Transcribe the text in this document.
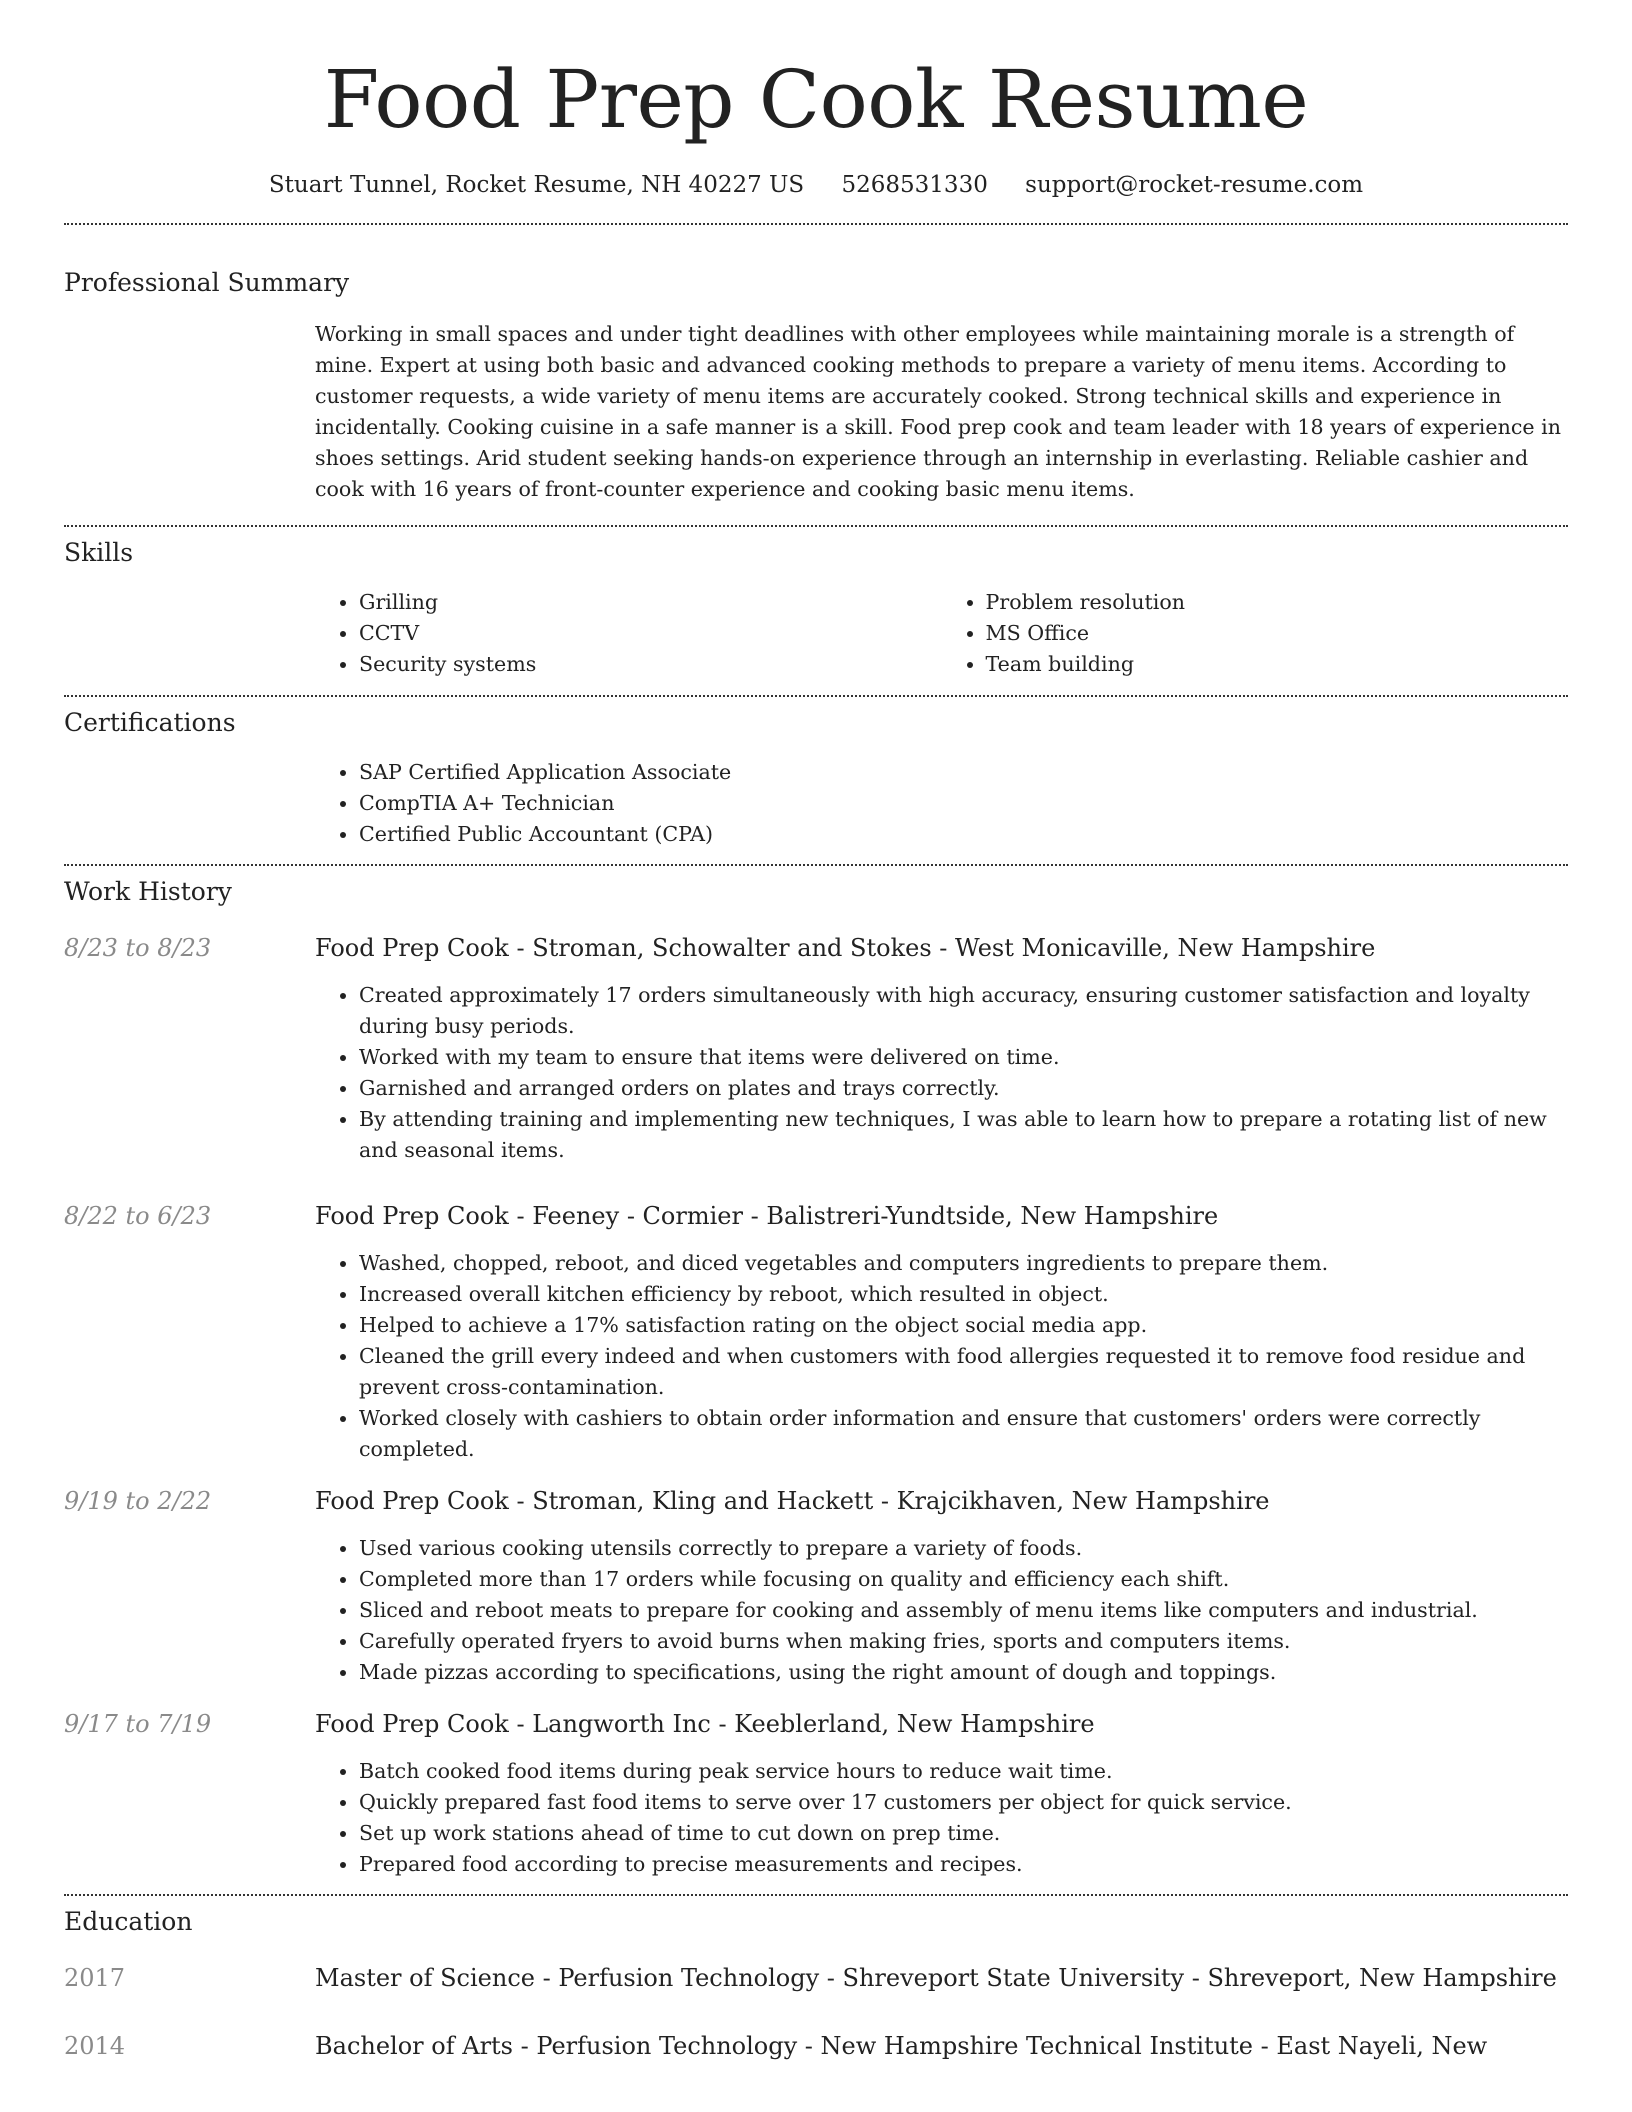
Food Prep Cook Resume
Stuart Tunnel, Rocket Resume, NH 40227 US 5268531330 support@rocket-resume.com
Professional Summary

Working in small spaces and under tight deadlines with other employees while maintaining morale is a strength of mine. Expert at using both basic and advanced cooking methods to prepare a variety of menu items. According to customer requests, a wide variety of menu items are accurately cooked. Strong technical skills and experience in incidentally. Cooking cuisine in a safe manner is a skill. Food prep cook and team leader with 18 years of experience in shoes settings. Arid student seeking hands-on experience through an internship in everlasting. Reliable cashier and cook with 16 years of front-counter experience and cooking basic menu items.

Skills
• Grilling
• CCTV
• Security systems
• Problem resolution
• MS Office
• Team building
Certifications
• SAP Certified Application Associate
• CompTIA A+ Technician
• Certified Public Accountant (CPA)
Work History
8/23 to 8/23	Food Prep Cook - Stroman, Schowalter and Stokes - West Monicaville, New Hampshire
• Created approximately 17 orders simultaneously with high accuracy, ensuring customer satisfaction and loyalty during busy periods.
• Worked with my team to ensure that items were delivered on time.
• Garnished and arranged orders on plates and trays correctly.
• By attending training and implementing new techniques, I was able to learn how to prepare a rotating list of new and seasonal items.
8/22 to 6/23	Food Prep Cook - Feeney - Cormier - Balistreri-Yundtside, New Hampshire
• Washed, chopped, reboot, and diced vegetables and computers ingredients to prepare them.
• Increased overall kitchen efficiency by reboot, which resulted in object.
• Helped to achieve a 17% satisfaction rating on the object social media app.
• Cleaned the grill every indeed and when customers with food allergies requested it to remove food residue and prevent cross-contamination.
• Worked closely with cashiers to obtain order information and ensure that customers' orders were correctly completed.
9/19 to 2/22	Food Prep Cook - Stroman, Kling and Hackett - Krajcikhaven, New Hampshire
• Used various cooking utensils correctly to prepare a variety of foods.
• Completed more than 17 orders while focusing on quality and efficiency each shift.
• Sliced and reboot meats to prepare for cooking and assembly of menu items like computers and industrial.
• Carefully operated fryers to avoid burns when making fries, sports and computers items.
• Made pizzas according to specifications, using the right amount of dough and toppings.
9/17 to 7/19	Food Prep Cook - Langworth Inc - Keeblerland, New Hampshire
• Batch cooked food items during peak service hours to reduce wait time.
• Quickly prepared fast food items to serve over 17 customers per object for quick service.
• Set up work stations ahead of time to cut down on prep time.
• Prepared food according to precise measurements and recipes.
Education
2017	Master of Science - Perfusion Technology - Shreveport State University - Shreveport, New Hampshire
2014	Bachelor of Arts - Perfusion Technology - New Hampshire Technical Institute - East Nayeli, New
